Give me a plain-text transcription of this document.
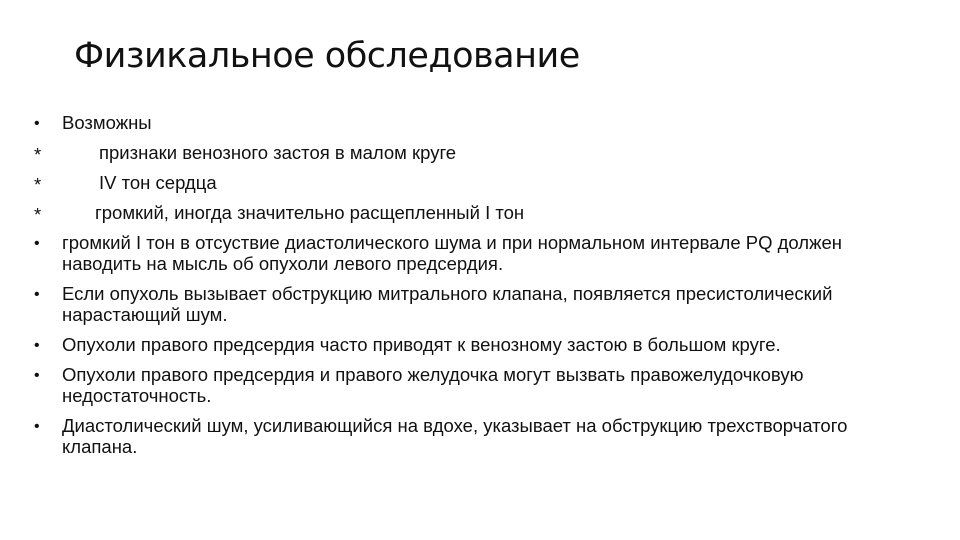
Физикальное обследование
•	Возможны
*	признаки венозного застоя в малом круге
*	IV тон сердца
*	громкий, иногда значительно расщепленный I тон
•	громкий I тон в отсуствие диастолического шума и при нормальном интервале PQ должен наводить на мысль об опухоли левого предсердия.
•	Если опухоль вызывает обструкцию митрального клапана, появляется пресистолический нарастающий шум.
•	Опухоли правого предсердия часто приводят к венозному застою в большом круге.
•	Опухоли правого предсердия и правого желудочка могут вызвать правожелудочковую недостаточность.
•	Диастолический шум, усиливающийся на вдохе, указывает на обструкцию трехстворчатого клапана.
